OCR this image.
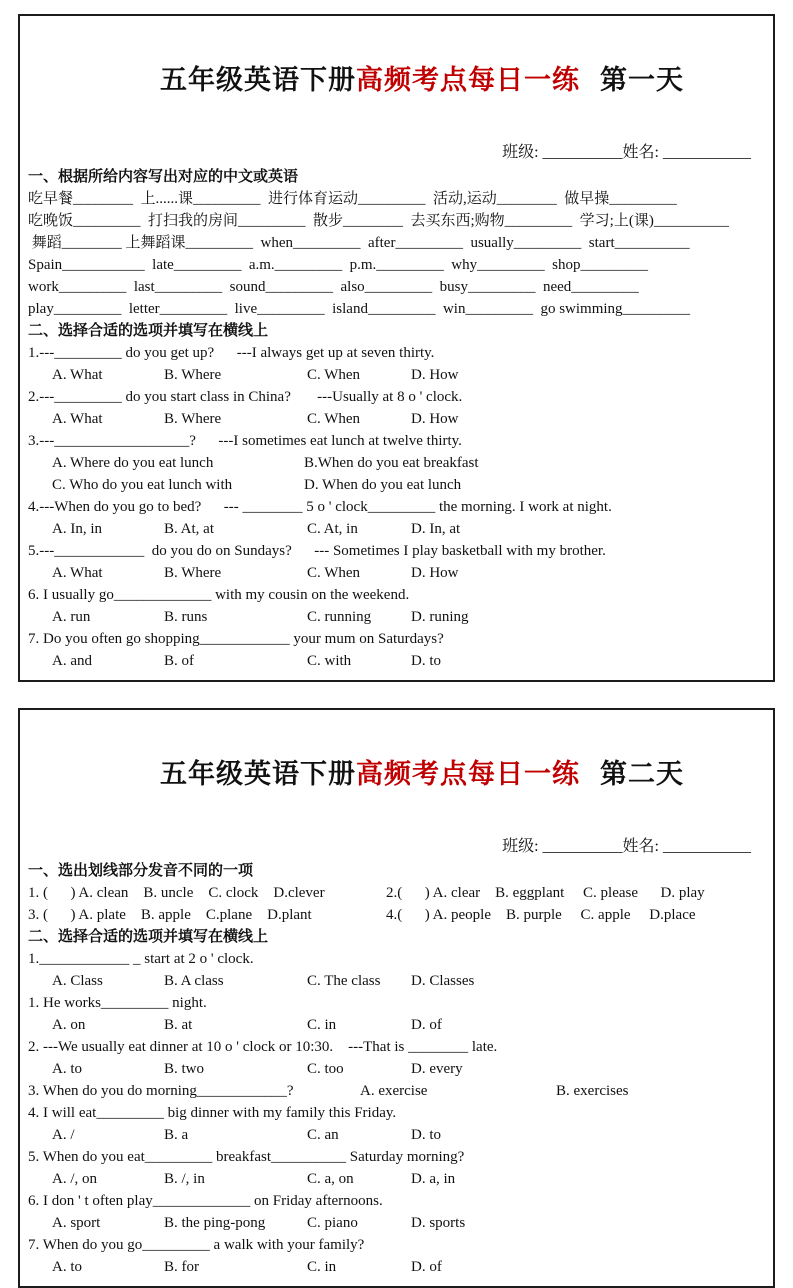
五年级英语下册高频考点每日一练 第一天

班级: __________姓名: ___________
一、根据所给内容写出对应的中文或英语
吃早餐________  上......课_________  进行体育运动_________  活动,运动________  做早操_________
吃晚饭_________  打扫我的房间_________  散步________  去买东西;购物_________  学习;上(课)__________
舞蹈________ 上舞蹈课_________  when_________  after_________  usually_________  start__________
Spain___________  late_________  a.m._________  p.m._________  why_________  shop_________
work_________  last_________  sound_________  also_________  busy_________  need_________
play_________  letter_________  live_________  island_________  win_________  go swimming_________
二、选择合适的选项并填写在横线上
1.---_________ do you get up?      ---I always get up at seven thirty.
A. What	B. Where	C. When	D. How
2.---_________ do you start class in China?       ---Usually at 8 o ' clock.
A. What	B. Where	C. When	D. How
3.---__________________?      ---I sometimes eat lunch at twelve thirty.
A. Where do you eat lunch	B.When do you eat breakfast
C. Who do you eat lunch with	D. When do you eat lunch
4.---When do you go to bed?      --- ________ 5 o ' clock_________ the morning. I work at night.
A. In, in	B. At, at	C. At, in	D. In, at
5.---____________  do you do on Sundays?      --- Sometimes I play basketball with my brother.
A. What	B. Where	C. When	D. How
6. I usually go_____________ with my cousin on the weekend.
A. run	B. runs	C. running	D. runing
7. Do you often go shopping____________ your mum on Saturdays?
A. and	B. of	C. with	D. to

五年级英语下册高频考点每日一练 第二天

班级: __________姓名: ___________
一、选出划线部分发音不同的一项
1. (      ) A. clean    B. uncle    C. clock    D.clever	2.(      ) A. clear    B. eggplant     C. please      D. play
3. (      ) A. plate    B. apple    C.plane    D.plant	4.(      ) A. people    B. purple     C. apple     D.place
二、选择合适的选项并填写在横线上
1.____________ _ start at 2 o ' clock.
A. Class	B. A class	C. The class	D. Classes
1. He works_________ night.
A. on	B. at	C. in	D. of
2. ---We usually eat dinner at 10 o ' clock or 10:30.    ---That is ________ late.
A. to	B. two	C. too	D. every
3. When do you do morning____________?	A. exercise	B. exercises
4. I will eat_________ big dinner with my family this Friday.
A. /	B. a	C. an	D. to
5. When do you eat_________ breakfast__________ Saturday morning?
A. /, on	B. /, in	C. a, on	D. a, in
6. I don ' t often play_____________ on Friday afternoons.
A. sport	B. the ping-pong	C. piano	D. sports
7. When do you go_________ a walk with your family?
A. to	B. for	C. in	D. of
